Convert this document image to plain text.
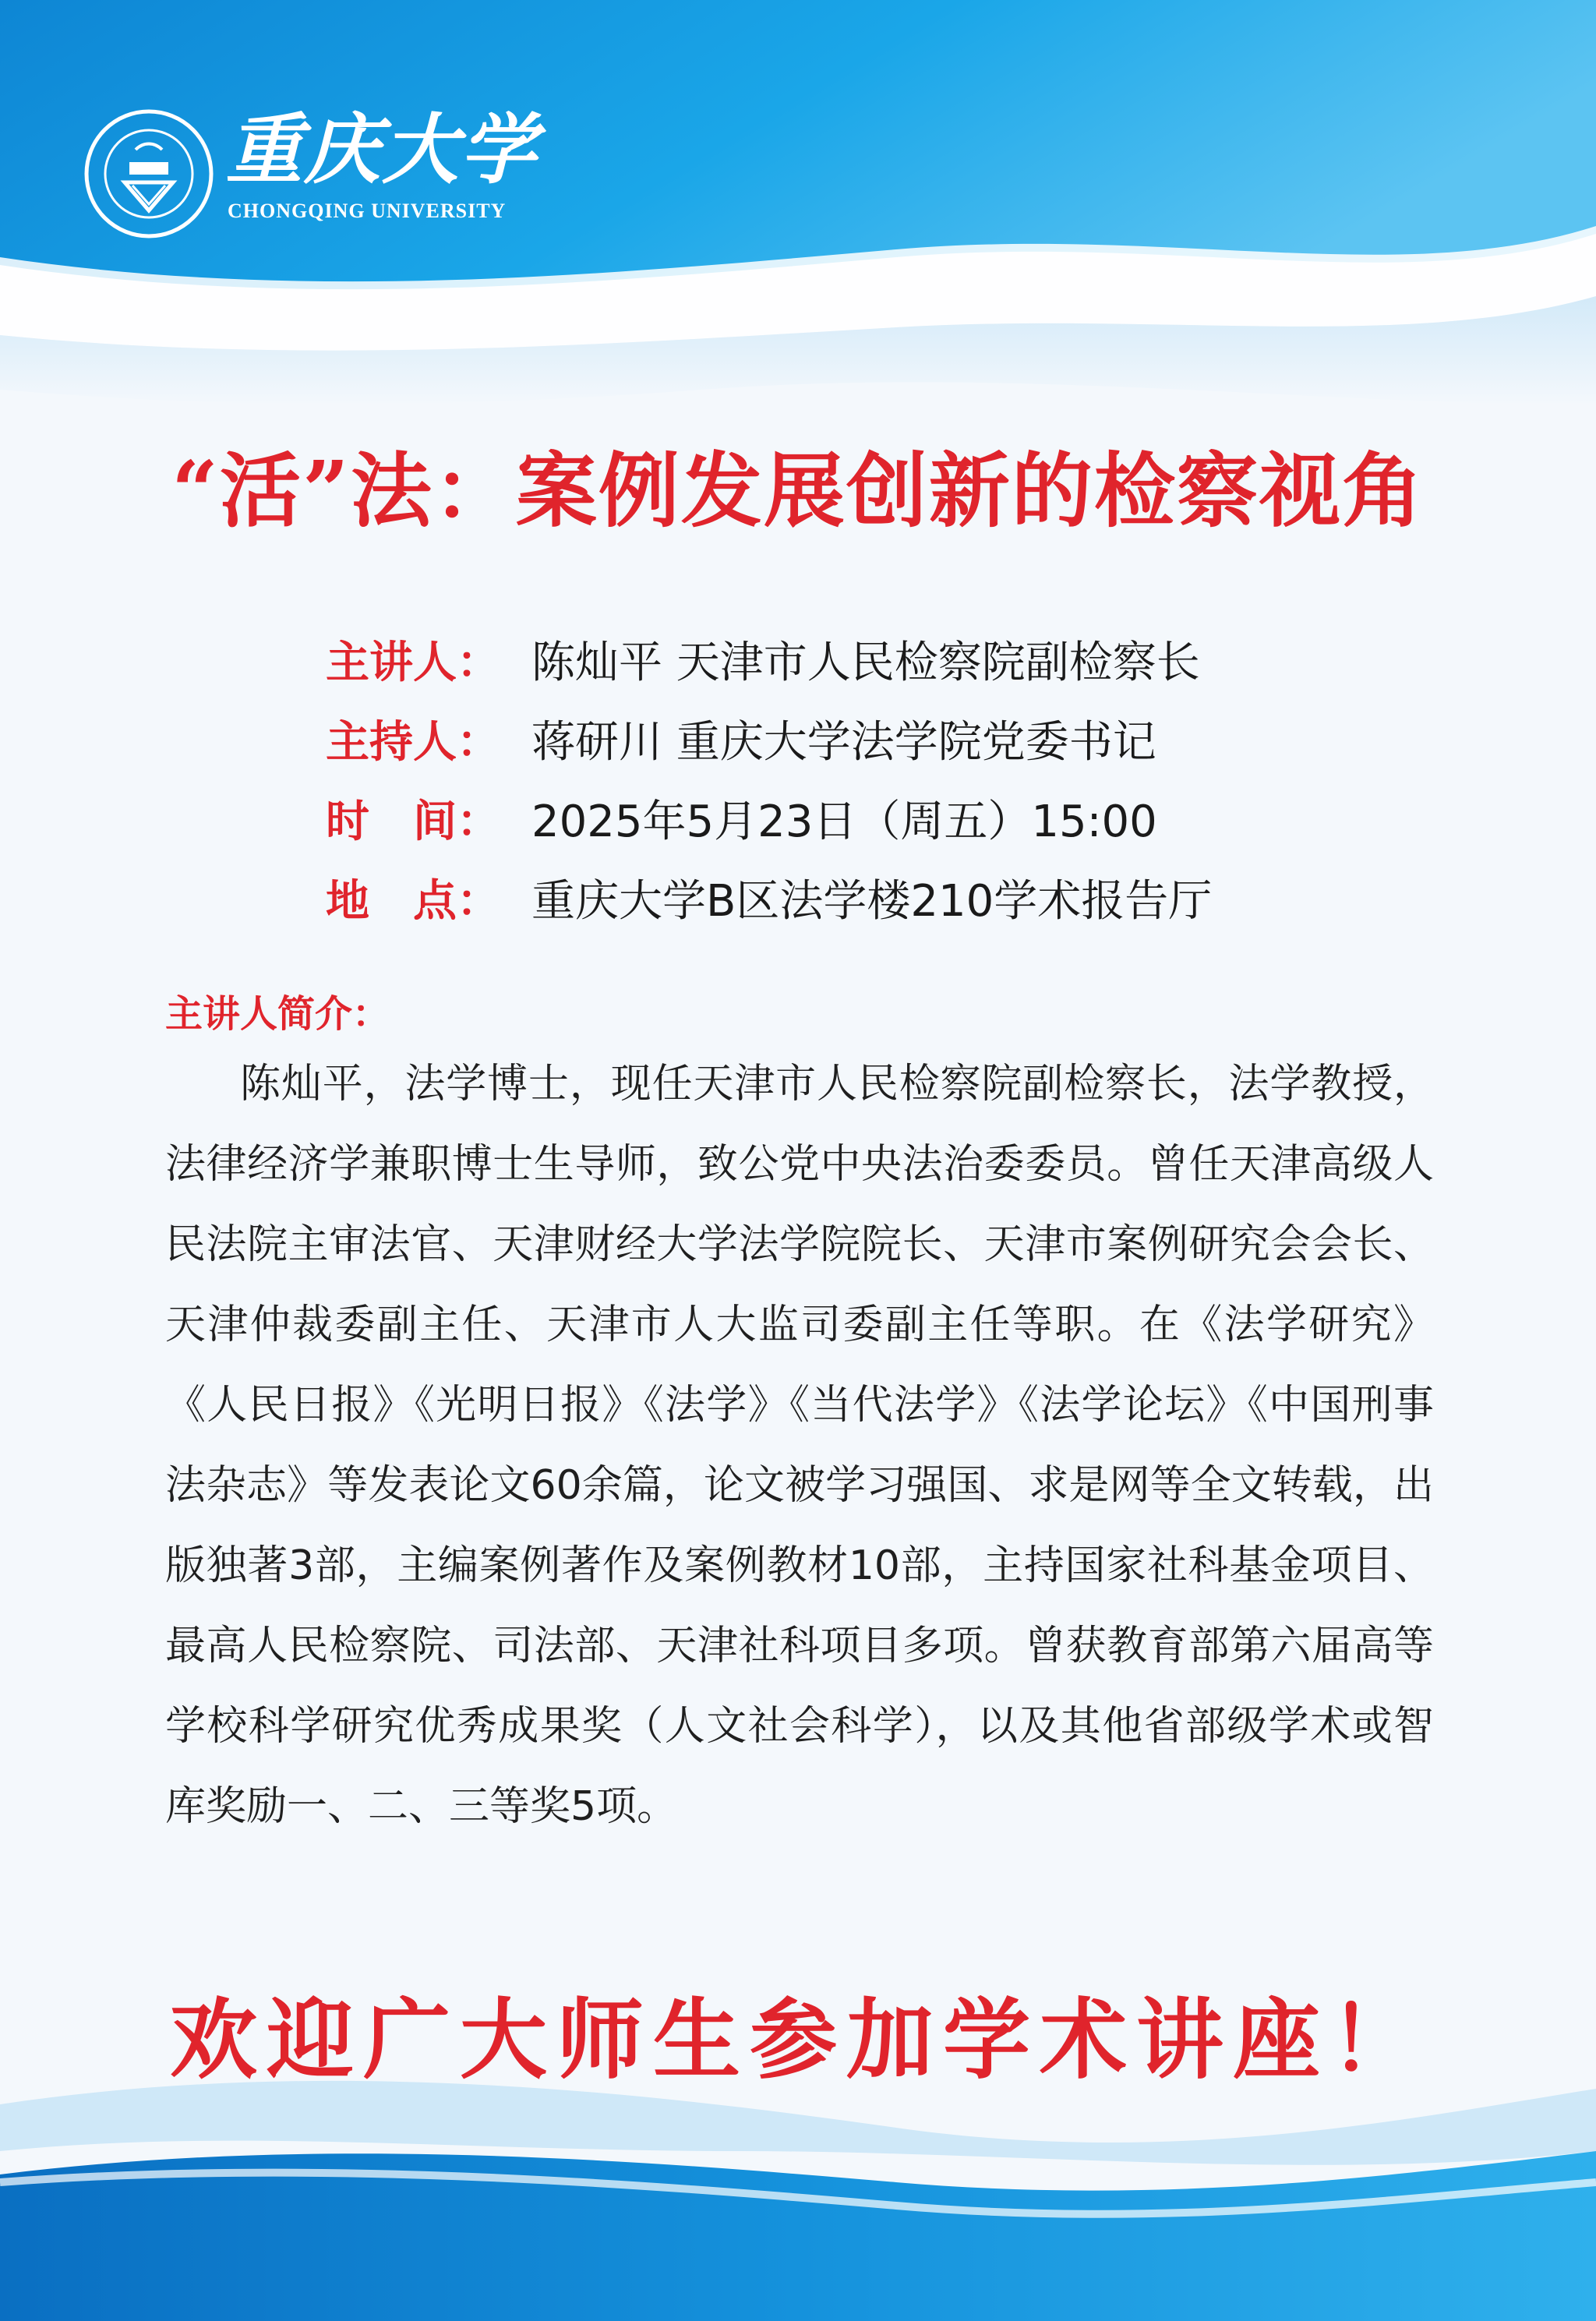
重庆大学
CHONGQING UNIVERSITY
“活”法：案例发展创新的检察视角
主 讲 人 ： 陈灿平 天津市人民检察院副检察长
主 持 人 ： 蒋研川 重庆大学法学院党委书记
时 间 ： 2025年5月23日（周五）15:00
地 点 ： 重庆大学B区法学楼210学术报告厅
主讲人简介：

陈灿平，法学博士，现任天津市人民检察院副检察长，法学教授，法律经济学兼职博士生导师，致公党中央法治委委员。曾任天津高级人民法院主审法官、天津财经大学法学院院长、天津市案例研究会会长、天津仲裁委副主任、天津市人大监司委副主任等职。在《法学研究》《人民日报》《光明日报》《法学》《当代法学》《法学论坛》《中国刑事法杂志》等发表论文60余篇，论文被学习强国、求是网等全文转载，出版独著3部，主编案例著作及案例教材10部，主持国家社科基金项目、最高人民检察院、司法部、天津社科项目多项。曾获教育部第六届高等学校科学研究优秀成果奖（人文社会科学），以及其他省部级学术或智库奖励一、二、三等奖5项。

欢迎广大师生参加学术讲座！
